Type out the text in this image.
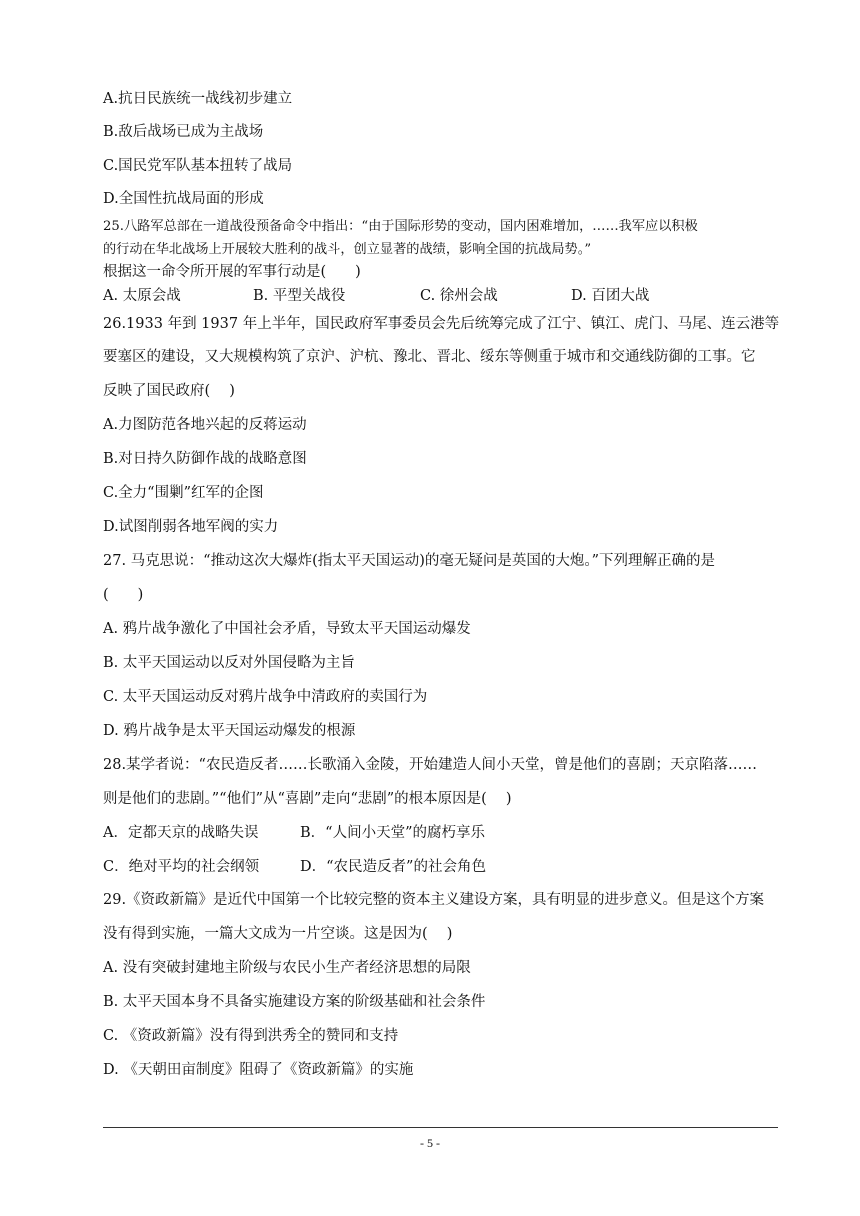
A.抗日民族统一战线初步建立
B.敌后战场已成为主战场
C.国民党军队基本扭转了战局
D.全国性抗战局面的形成
25.八路军总部在一道战役预备命令中指出：“由于国际形势的变动，国内困难增加，……我军应以积极
的行动在华北战场上开展较大胜利的战斗，创立显著的战绩，影响全国的抗战局势。”
根据这一命令所开展的军事行动是(　　)
A. 太原会战	B. 平型关战役	C. 徐州会战	D. 百团大战
26.1933 年到 1937 年上半年，国民政府军事委员会先后统筹完成了江宁、镇江、虎门、马尾、连云港等
要塞区的建设，又大规模构筑了京沪、沪杭、豫北、晋北、绥东等侧重于城市和交通线防御的工事。它
反映了国民政府(　 )
A.力图防范各地兴起的反蒋运动
B.对日持久防御作战的战略意图
C.全力“围剿”红军的企图
D.试图削弱各地军阀的实力
27. 马克思说：“推动这次大爆炸(指太平天国运动)的毫无疑问是英国的大炮。”下列理解正确的是
(　　)
A. 鸦片战争激化了中国社会矛盾，导致太平天国运动爆发
B. 太平天国运动以反对外国侵略为主旨
C. 太平天国运动反对鸦片战争中清政府的卖国行为
D. 鸦片战争是太平天国运动爆发的根源
28.某学者说：“农民造反者……长歌涌入金陵，开始建造人间小天堂，曾是他们的喜剧；天京陷落……
则是他们的悲剧。”“他们”从“喜剧”走向“悲剧”的根本原因是(　 )
A．定都天京的战略失误	B．“人间小天堂”的腐朽享乐
C．绝对平均的社会纲领	D．“农民造反者”的社会角色
29.《资政新篇》是近代中国第一个比较完整的资本主义建设方案，具有明显的进步意义。但是这个方案
没有得到实施，一篇大文成为一片空谈。这是因为(　 )
A. 没有突破封建地主阶级与农民小生产者经济思想的局限
B. 太平天国本身不具备实施建设方案的阶级基础和社会条件
C. 《资政新篇》没有得到洪秀全的赞同和支持
D. 《天朝田亩制度》阻碍了《资政新篇》的实施
- 5 -
